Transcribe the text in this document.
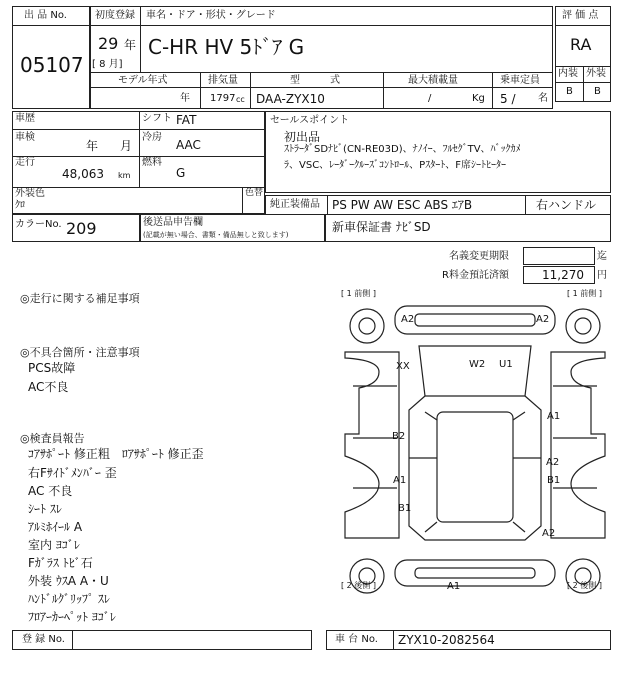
出 品 No.
05107
初度登録 車名・ドア・形状・グレード
29 年
[ 8 月]
C-HR HV 5ﾄﾞｱ G
モデル年式	排気量	型　　　式	最大積載量	乗車定員
年 1797 cc DAA-ZYX10	/	Kg 5 / 名
評 価 点
RA
内装 外装
B B
車歴	シフト FAT
車検
年 月
冷房
AAC
走行
48,063 km
燃料
G
外装色
ｸﾛ
色替
セールスポイント
初出品
ｽﾄﾗｰﾀﾞSDﾅﾋﾞ(CN-RE03D)、ﾅﾉｲｰ、ﾌﾙｾｸﾞTV、ﾊﾞｯｸｶﾒ
ﾗ、VSC、ﾚｰﾀﾞｰｸﾙｰｽﾞｺﾝﾄﾛｰﾙ、Pｽﾀｰﾄ、F席ｼｰﾄﾋｰﾀｰ
純正装備品 PS PW AW ESC ABS ｴｱB	右ハンドル
カラーNo. 209	後送品申告欄
(記載が無い場合、書類・備品無しと致します)
新車保証書 ﾅﾋﾞSD
名義変更期限	迄
R料金預託済額	11,270 円
◎走行に関する補足事項
◎不具合箇所・注意事項
PCS故障
AC不良
◎検査員報告
ｺｱｻﾎﾟｰﾄ 修正粗　ﾛｱｻﾎﾟｰﾄ 修正歪
右Fｻｲﾄﾞﾒﾝﾊﾞｰ 歪
AC 不良
ｼｰﾄ ｽﾚ
ｱﾙﾐﾎｲｰﾙ A
室内 ﾖｺﾞﾚ
Fｶﾞﾗｽ ﾄﾋﾞ石
外装 ｳｽA A・U
ﾊﾝﾄﾞﾙｸﾞﾘｯﾌﾟ ｽﾚ
ﾌﾛｱｰｶｰﾍﾟｯﾄ ﾖｺﾞﾚ
[ 1 前側 ]	[ 1 前側 ]
[ 2 後側 ]	[ 2 後側 ]
A2	A2
XX	W2 U1
A1
B2
A2
B1
A1
B1
A2
A1
登 録 No.	車 台 No. ZYX10-2082564
